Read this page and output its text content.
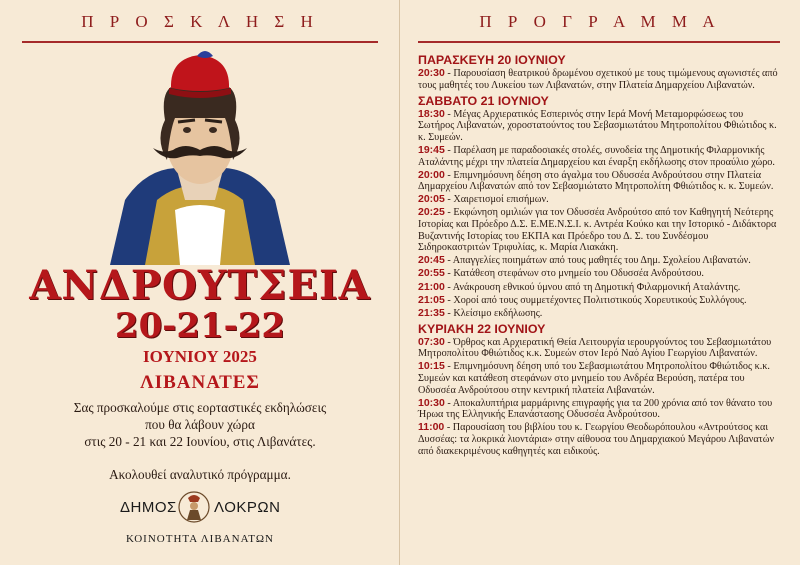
Π Ρ Ο Σ Κ Λ Η Σ Η
ΑΝΔΡΟΥΤΣΕΙΑ
20-21-22
ΙΟΥΝΙΟΥ 2025
ΛΙΒΑΝΑΤΕΣ
Σας προσκαλούμε στις εορταστικές εκδηλώσεις
που θα λάβουν χώρα
στις 20 - 21 και 22 Ιουνίου, στις Λιβανάτες.
Ακολουθεί αναλυτικό πρόγραμμα.
ΔΗΜΟΣ ΛΟΚΡΩΝ
ΚΟΙΝΟΤΗΤΑ ΛΙΒΑΝΑΤΩΝ
Π Ρ Ο Γ Ρ Α Μ Μ Α
ΠΑΡΑΣΚΕΥΗ 20 ΙΟΥΝΙΟΥ
20:30 - Παρουσίαση θεατρικού δρωμένου σχετικού με τους τιμώμενους αγωνιστές από τους μαθητές του Λυκείου των Λιβανατών, στην Πλατεία Δημαρχείου Λιβανατών.
ΣΑΒΒΑΤΟ 21 ΙΟΥΝΙΟΥ
18:30 - Μέγας Αρχιερατικός Εσπερινός στην Ιερά Μονή Μεταμορφώσεως του Σωτήρος Λιβανατών, χοροστατούντος του Σεβασμιωτάτου Μητροπολίτου Φθιώτιδος κ. κ. Συμεών.
19:45 - Παρέλαση με παραδοσιακές στολές, συνοδεία της Δημοτικής Φιλαρμονικής Αταλάντης μέχρι την πλατεία Δημαρχείου και έναρξη εκδήλωσης στον προαύλιο χώρο.
20:00 - Επιμνημόσυνη δέηση στο άγαλμα του Οδυσσέα Ανδρούτσου στην Πλατεία Δημαρχείου Λιβανατών από τον Σεβασμιώτατο Μητροπολίτη Φθιώτιδος κ. κ. Συμεών.
20:05 - Χαιρετισμοί επισήμων.
20:25 - Εκφώνηση ομιλιών για τον Οδυσσέα Ανδρούτσο από τον Καθηγητή Νεότερης Ιστορίας και Πρόεδρο Δ.Σ. Ε.ΜΕ.Ν.Σ.Ι. κ. Αντρέα Κούκο και την Ιστορικό - Διδάκτορα Βυζαντινής Ιστορίας του ΕΚΠΑ και Πρόεδρο του Δ. Σ. του Συνδέσμου Σιδηροκαστριτών Τριφυλίας, κ. Μαρία Λιακάκη.
20:45 - Απαγγελίες ποιημάτων από τους μαθητές του Δημ. Σχολείου Λιβανατών.
20:55 - Κατάθεση στεφάνων στο μνημείο του Οδυσσέα Ανδρούτσου.
21:00 - Ανάκρουση εθνικού ύμνου από τη Δημοτική Φιλαρμονική Αταλάντης.
21:05 - Χοροί από τους συμμετέχοντες Πολιτιστικούς Χορευτικούς Συλλόγους.
21:35 - Κλείσιμο εκδήλωσης.
ΚΥΡΙΑΚΗ 22 ΙΟΥΝΙΟΥ
07:30 - Όρθρος και Αρχιερατική Θεία Λειτουργία ιερουργούντος του Σεβασμιωτάτου Μητροπολίτου Φθιώτιδος κ.κ. Συμεών στον Ιερό Ναό Αγίου Γεωργίου Λιβανατών.
10:15 - Επιμνημόσυνη δέηση υπό του Σεβασμιωτάτου Μητροπολίτου Φθιώτιδος κ.κ. Συμεών και κατάθεση στεφάνων στο μνημείο του Ανδρέα Βερούση, πατέρα του Οδυσσέα Ανδρούτσου στην κεντρική πλατεία Λιβανατών.
10:30 - Αποκαλυπτήρια μαρμάρινης επιγραφής για τα 200 χρόνια από τον θάνατο του Ήρωα της Ελληνικής Επανάστασης Οδυσσέα Ανδρούτσου.
11:00 - Παρουσίαση του βιβλίου του κ. Γεωργίου Θεοδωρόπουλου «Αντρούτσος και Δυσσέας: τα λοκρικά λιοντάρια» στην αίθουσα του Δημαρχιακού Μεγάρου Λιβανατών από διακεκριμένους καθηγητές και ειδικούς.
